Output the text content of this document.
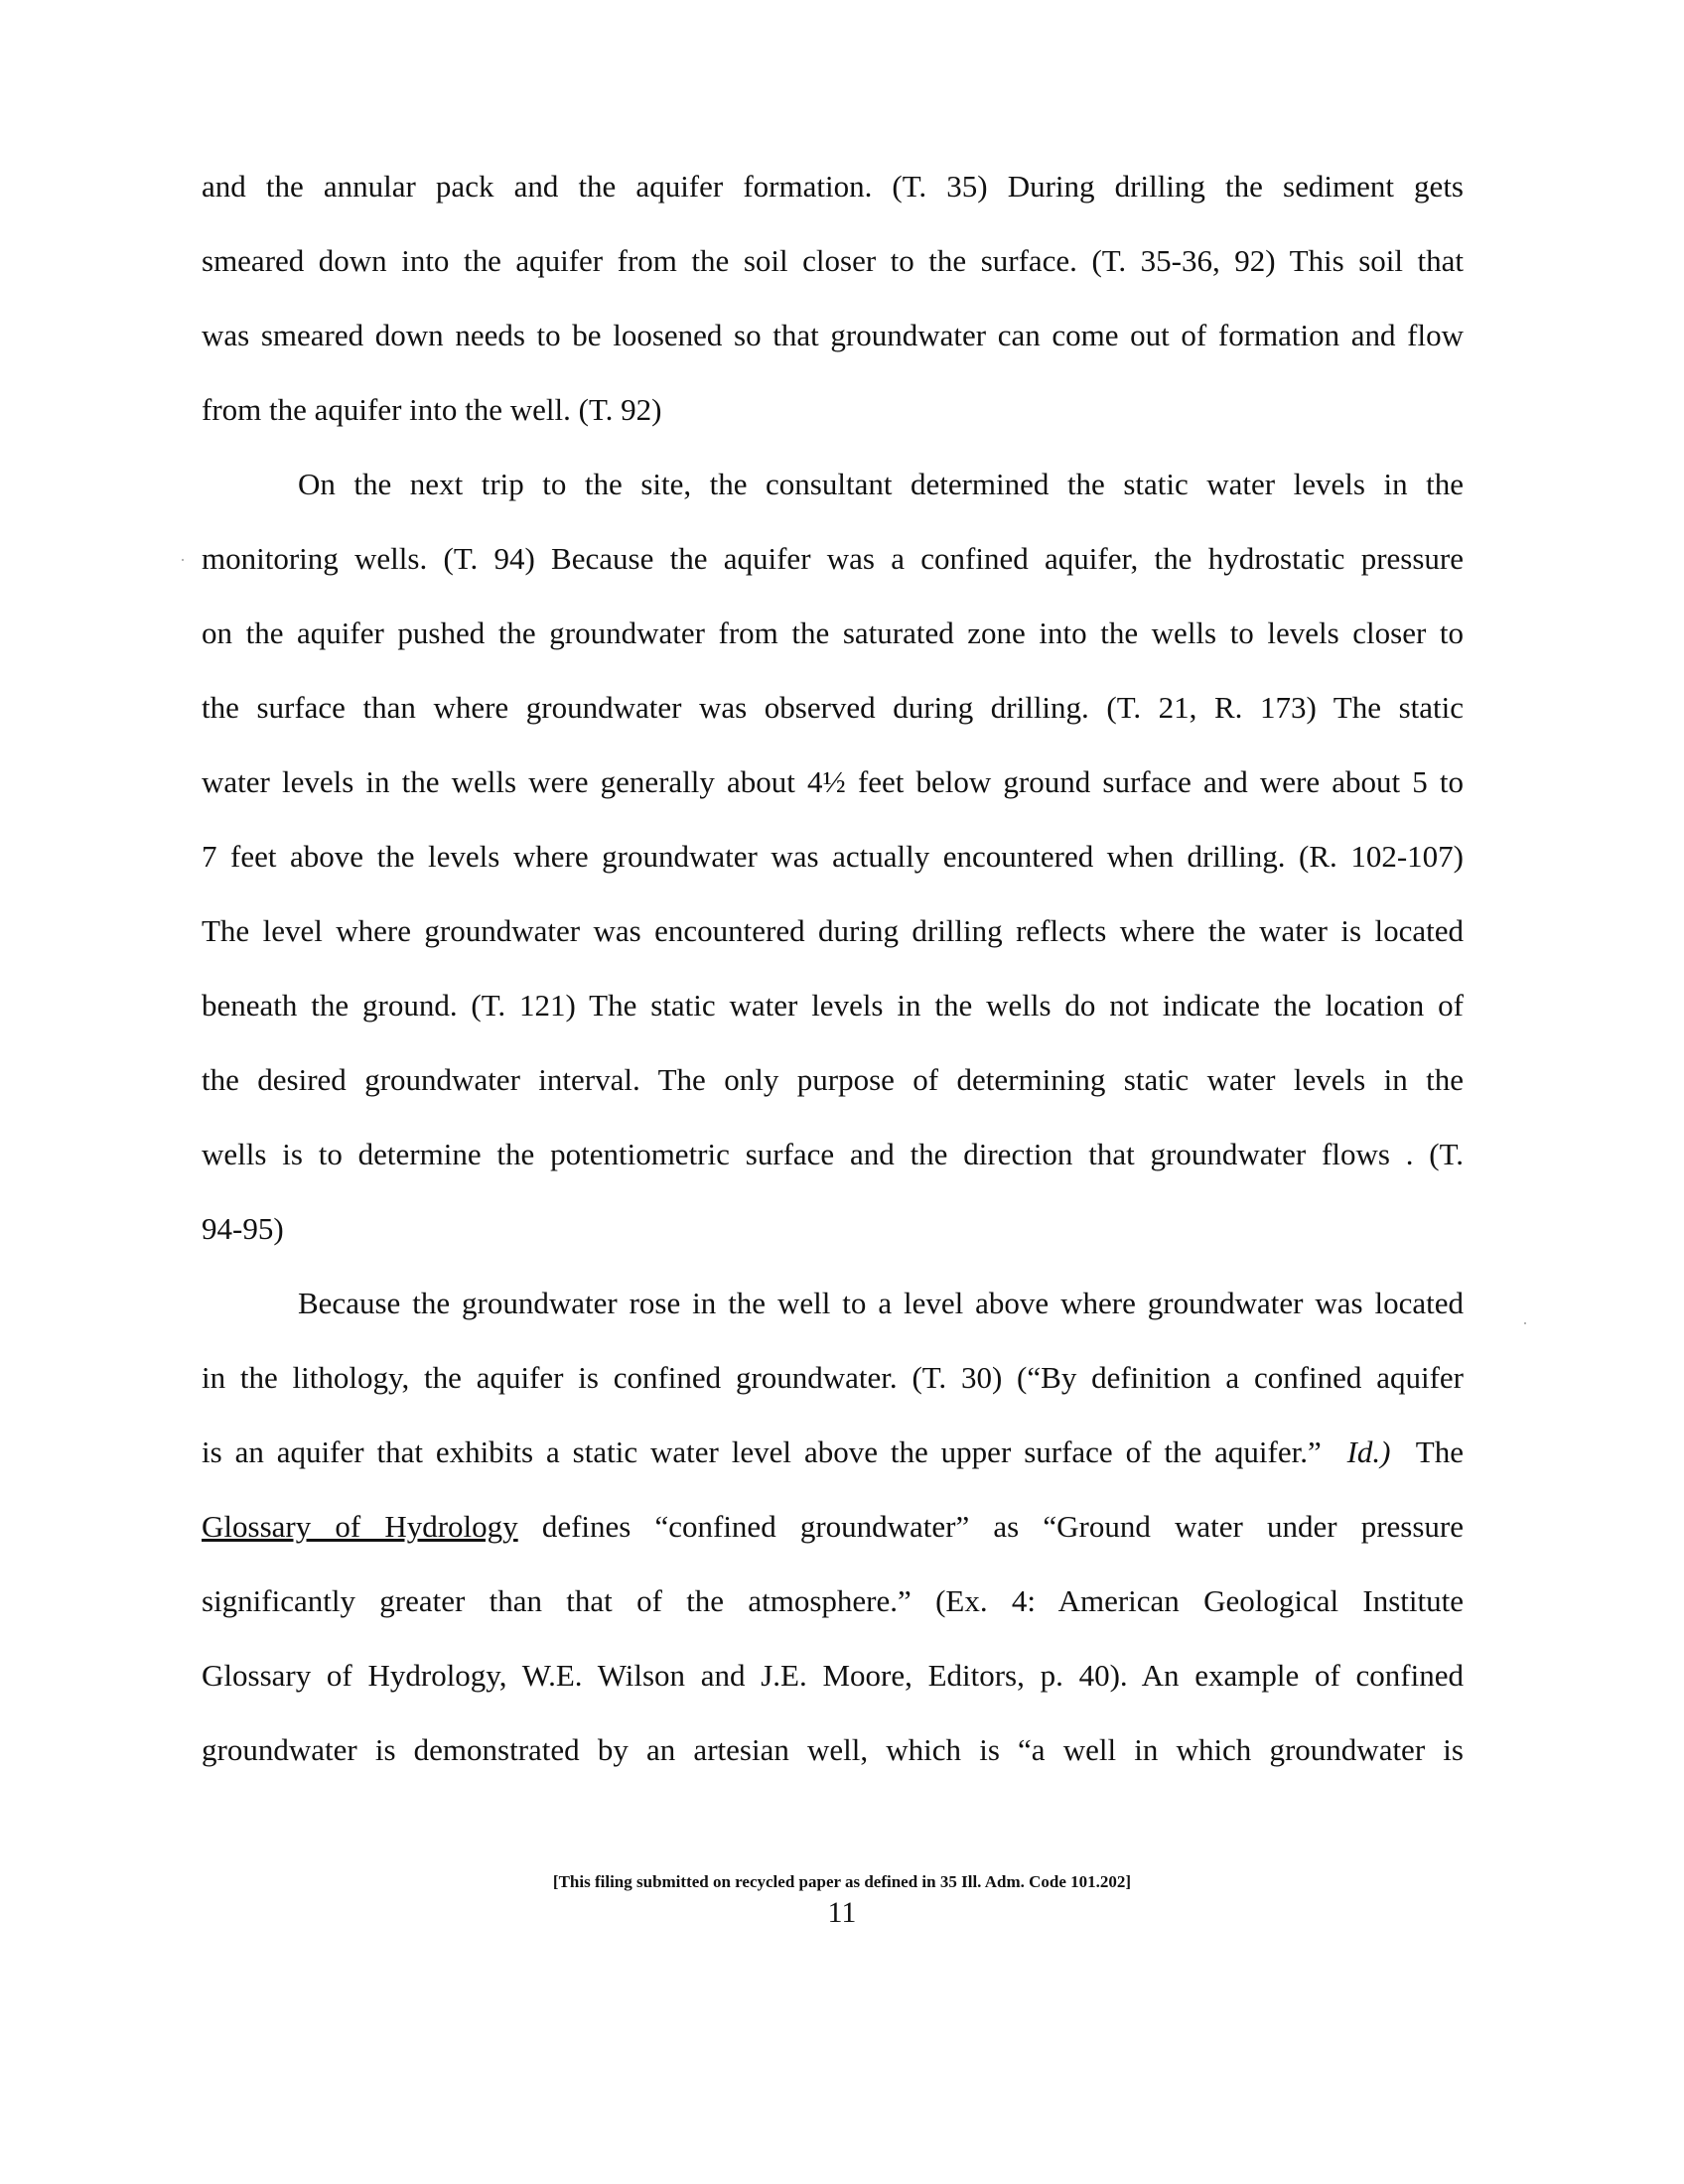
and the annular pack and the aquifer formation. (T. 35) During drilling the sediment gets
smeared down into the aquifer from the soil closer to the surface. (T. 35-36, 92) This soil that
was smeared down needs to be loosened so that groundwater can come out of formation and flow
from the aquifer into the well. (T. 92)
On the next trip to the site, the consultant determined the static water levels in the
monitoring wells. (T. 94) Because the aquifer was a confined aquifer, the hydrostatic pressure
on the aquifer pushed the groundwater from the saturated zone into the wells to levels closer to
the surface than where groundwater was observed during drilling. (T. 21, R. 173) The static
water levels in the wells were generally about 4½ feet below ground surface and were about 5 to
7 feet above the levels where groundwater was actually encountered when drilling. (R. 102-107)
The level where groundwater was encountered during drilling reflects where the water is located
beneath the ground. (T. 121) The static water levels in the wells do not indicate the location of
the desired groundwater interval. The only purpose of determining static water levels in the
wells is to determine the potentiometric surface and the direction that groundwater flows . (T.
94-95)
Because the groundwater rose in the well to a level above where groundwater was located
in the lithology, the aquifer is confined groundwater. (T. 30) (“By definition a confined aquifer
is an aquifer that exhibits a static water level above the upper surface of the aquifer.” Id.) The
Glossary of Hydrology defines “confined groundwater” as “Ground water under pressure
significantly greater than that of the atmosphere.” (Ex. 4: American Geological Institute
Glossary of Hydrology, W.E. Wilson and J.E. Moore, Editors, p. 40). An example of confined
groundwater is demonstrated by an artesian well, which is “a well in which groundwater is
[This filing submitted on recycled paper as defined in 35 Ill. Adm. Code 101.202]
11
